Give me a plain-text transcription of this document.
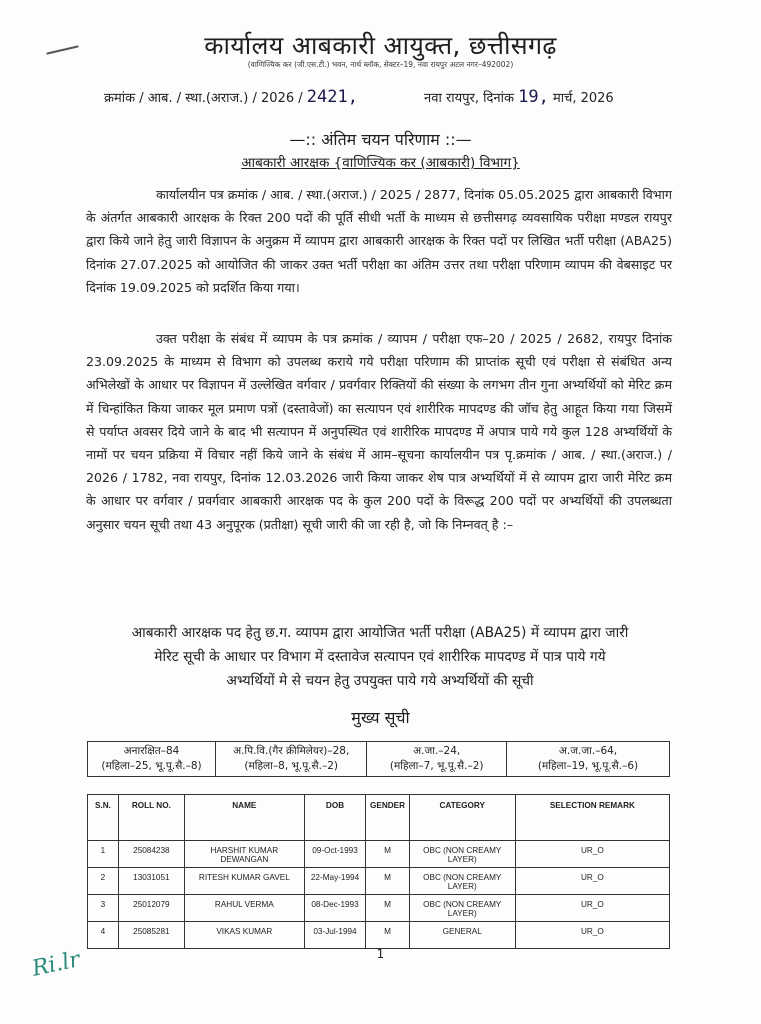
कार्यालय आबकारी आयुक्त, छत्तीसगढ़
(वाणिज्यिक कर (जी.एस.टी.) भवन, नार्थ ब्लॉक, सेक्टर–19, नवा रायपुर अटल नगर–492002)
क्रमांक / आब. / स्था.(अराज.) / 2026 / 2421,	नवा रायपुर, दिनांक 19, मार्च, 2026
—:: अंतिम चयन परिणाम ::—
आबकारी आरक्षक {वाणिज्यिक कर (आबकारी) विभाग}
कार्यालयीन पत्र क्रमांक / आब. / स्था.(अराज.) / 2025 / 2877, दिनांक 05.05.2025 द्वारा आबकारी विभाग के अंतर्गत आबकारी आरक्षक के रिक्त 200 पदों की पूर्ति सीधी भर्ती के माध्यम से छत्तीसगढ़ व्यवसायिक परीक्षा मण्डल रायपुर द्वारा किये जाने हेतु जारी विज्ञापन के अनुक्रम में व्यापम द्वारा आबकारी आरक्षक के रिक्त पदों पर लिखित भर्ती परीक्षा (ABA25) दिनांक 27.07.2025 को आयोजित की जाकर उक्त भर्ती परीक्षा का अंतिम उत्तर तथा परीक्षा परिणाम व्यापम की वेबसाइट पर दिनांक 19.09.2025 को प्रदर्शित किया गया।
उक्त परीक्षा के संबंध में व्यापम के पत्र क्रमांक / व्यापम / परीक्षा एफ–20 / 2025 / 2682, रायपुर दिनांक 23.09.2025 के माध्यम से विभाग को उपलब्ध कराये गये परीक्षा परिणाम की प्राप्तांक सूची एवं परीक्षा से संबंधित अन्य अभिलेखों के आधार पर विज्ञापन में उल्लेखित वर्गवार / प्रवर्गवार रिक्तियों की संख्या के लगभग तीन गुना अभ्यर्थियों को मेरिट क्रम में चिन्हांकित किया जाकर मूल प्रमाण पत्रों (दस्तावेजों) का सत्यापन एवं शारीरिक मापदण्ड की जॉच हेतु आहूत किया गया जिसमें से पर्याप्त अवसर दिये जाने के बाद भी सत्यापन में अनुपस्थित एवं शारीरिक मापदण्ड में अपात्र पाये गये कुल 128 अभ्यर्थियों के नामों पर चयन प्रक्रिया में विचार नहीं किये जाने के संबंध में आम–सूचना कार्यालयीन पत्र पृ.क्रमांक / आब. / स्था.(अराज.) / 2026 / 1782, नवा रायपुर, दिनांक 12.03.2026 जारी किया जाकर शेष पात्र अभ्यर्थियों में से व्यापम द्वारा जारी मेरिट क्रम के आधार पर वर्गवार / प्रवर्गवार आबकारी आरक्षक पद के कुल 200 पदों के विरूद्ध 200 पदों पर अभ्यर्थियों की उपलब्धता अनुसार चयन सूची तथा 43 अनुपूरक (प्रतीक्षा) सूची जारी की जा रही है, जो कि निम्नवत् है :–
आबकारी आरक्षक पद हेतु छ.ग. व्यापम द्वारा आयोजित भर्ती परीक्षा (ABA25) में व्यापम द्वारा जारी
मेरिट सूची के आधार पर विभाग में दस्तावेज सत्यापन एवं शारीरिक मापदण्ड में पात्र पाये गये
अभ्यर्थियों मे से चयन हेतु उपयुक्त पाये गये अभ्यर्थियों की सूची
मुख्य सूची
अनारक्षित–84
(महिला–25, भू.पू.सै.–8)

अ.पि.वि.(गैर क्रीमिलेयर)–28,
(महिला–8, भू.पू.सै.–2)

अ.जा.–24,
(महिला–7, भू.पू.सै.–2)

अ.ज.जा.–64,
(महिला–19, भू.पू.सै.–6)
S.N.	ROLL NO.	NAME	DOB	GENDER	CATEGORY	SELECTION REMARK
1	25084238	HARSHIT KUMAR DEWANGAN	09-Oct-1993	M	OBC (NON CREAMY LAYER)	UR_O
2	13031051	RITESH KUMAR GAVEL	22-May-1994	M	OBC (NON CREAMY LAYER)	UR_O
3	25012079	RAHUL VERMA	08-Dec-1993	M	OBC (NON CREAMY LAYER)	UR_O
4	25085281	VIKAS KUMAR	03-Jul-1994	M	GENERAL	UR_O
Ri.lr	1
